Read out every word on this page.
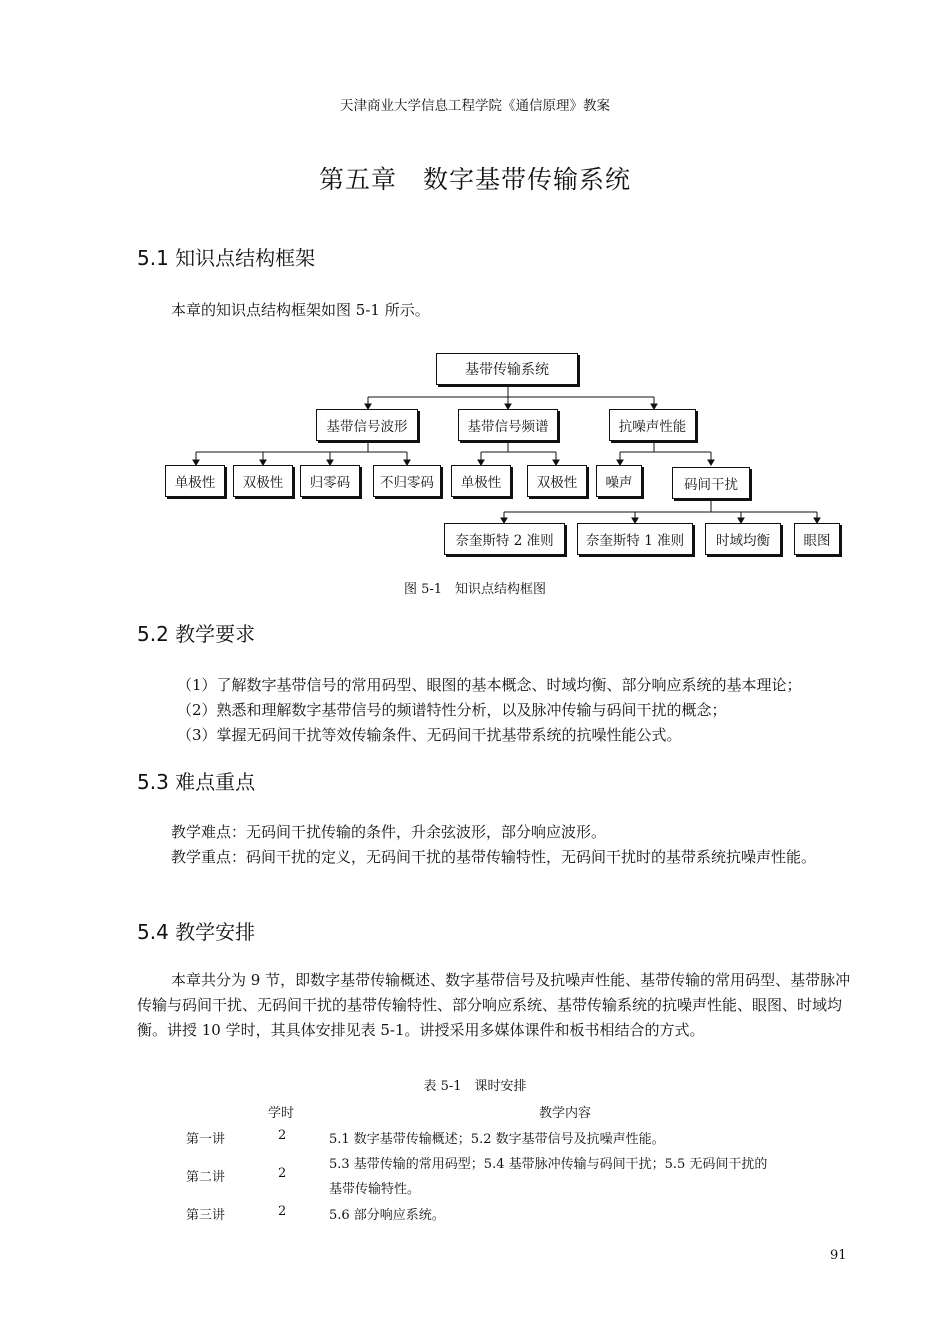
天津商业大学信息工程学院《通信原理》教案
第五章 数字基带传输系统
5.1 知识点结构框架
本章的知识点结构框架如图 5-1 所示。
基带传输系统
基带信号波形	基带信号频谱	抗噪声性能
单极性	双极性	归零码	不归零码	单极性	双极性	噪声	码间干扰
奈奎斯特 2 准则	奈奎斯特 1 准则	时域均衡	眼图
图 5-1　知识点结构框图
5.2 教学要求
（1）了解数字基带信号的常用码型、眼图的基本概念、时域均衡、部分响应系统的基本理论；
（2）熟悉和理解数字基带信号的频谱特性分析，以及脉冲传输与码间干扰的概念；
（3）掌握无码间干扰等效传输条件、无码间干扰基带系统的抗噪性能公式。
5.3 难点重点
教学难点：无码间干扰传输的条件，升余弦波形，部分响应波形。
教学重点：码间干扰的定义，无码间干扰的基带传输特性，无码间干扰时的基带系统抗噪声性能。
5.4 教学安排
本章共分为 9 节，即数字基带传输概述、数字基带信号及抗噪声性能、基带传输的常用码型、基带脉冲传输与码间干扰、无码间干扰的基带传输特性、部分响应系统、基带传输系统的抗噪声性能、眼图、时域均衡。讲授 10 学时，其具体安排见表 5-1。讲授采用多媒体课件和板书相结合的方式。
表 5-1　课时安排
学时	教学内容
第一讲	2	5.1 数字基带传输概述；5.2 数字基带信号及抗噪声性能。
第二讲	2
5.3 基带传输的常用码型；5.4 基带脉冲传输与码间干扰；5.5 无码间干扰的
基带传输特性。
第三讲	2	5.6 部分响应系统。
91
